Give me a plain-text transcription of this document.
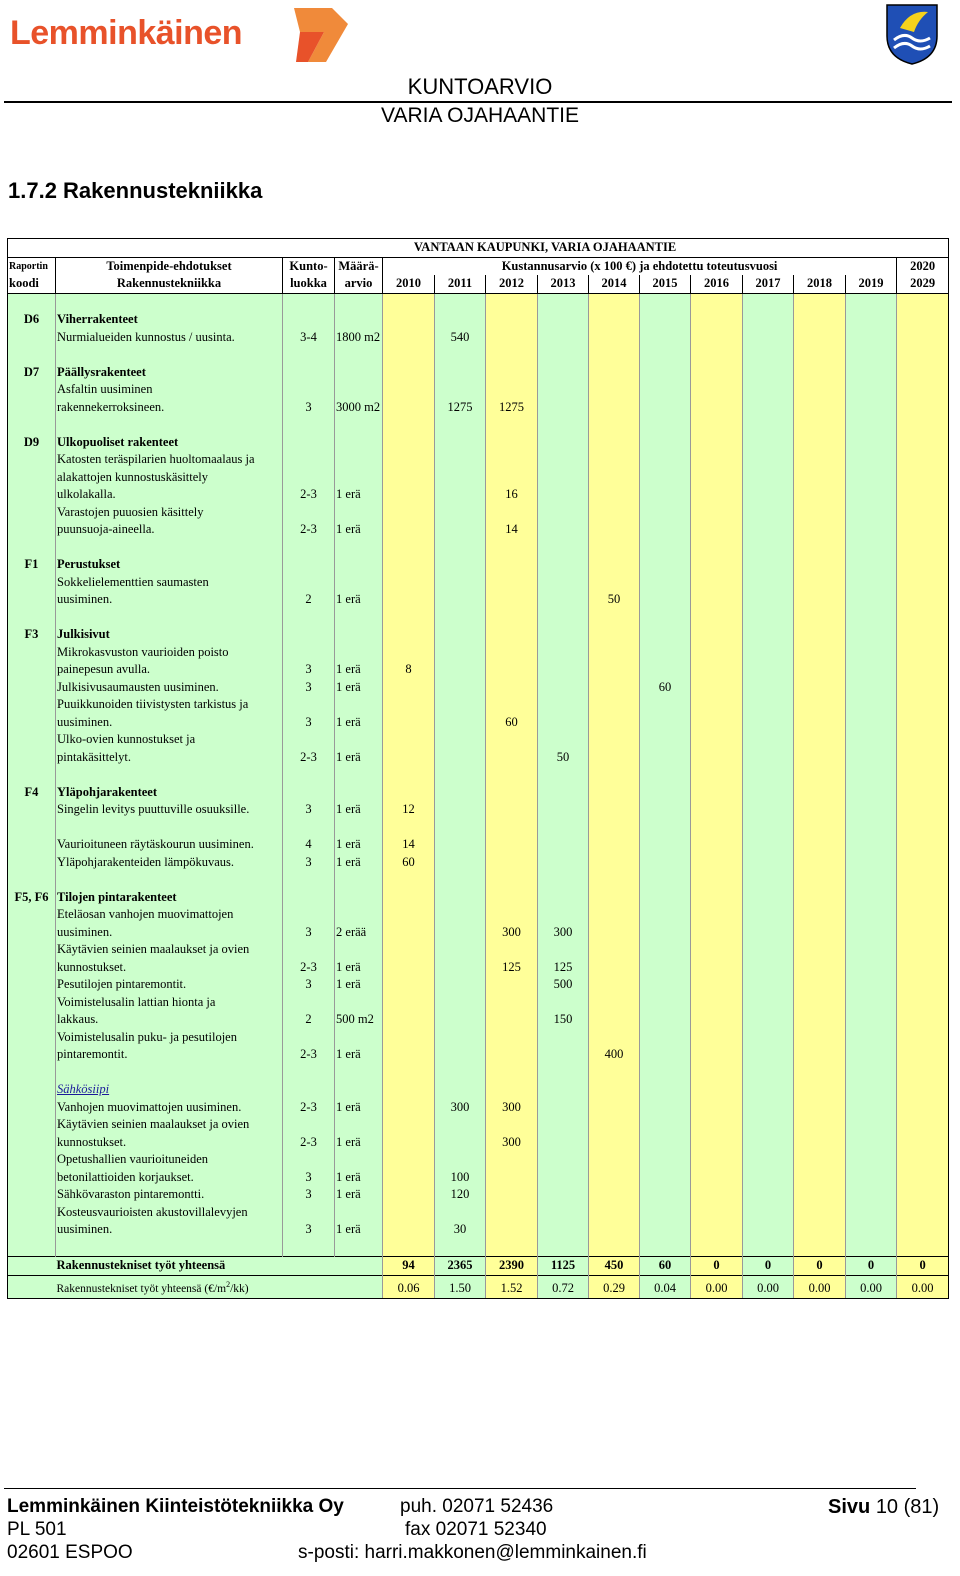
Lemminkäinen
KUNTOARVIO
VARIA OJAHAANTIE
1.7.2 Rakennustekniikka
			VANTAAN KAUPUNKI, VARIA OJAHAANTIE											
Raportin	Toimenpide-ehdotukset	Kunto-	Määrä-	Kustannusarvio (x 100 €) ja ehdotettu toteutusvuosi										2020
koodi	Rakennustekniikka	luokka	arvio	2010	2011	2012	2013	2014	2015	2016	2017	2018	2019	2029

D6	Viherrakenteet													
	Nurmialueiden kunnostus / uusinta.	3-4	1800 m2		540									

D7	Päällysrakenteet													
	Asfaltin uusiminen													
	rakennekerroksineen.	3	3000 m2		1275	1275								

D9	Ulkopuoliset rakenteet													
	Katosten teräspilarien huoltomaalaus ja													
	alakattojen kunnostuskäsittely													
	ulkolakalla.	2-3	1 erä			16								
	Varastojen puuosien käsittely													
	puunsuoja-aineella.	2-3	1 erä			14								

F1	Perustukset													
	Sokkelielementtien saumasten													
	uusiminen.	2	1 erä					50						

F3	Julkisivut													
	Mikrokasvuston vaurioiden poisto													
	painepesun avulla.	3	1 erä	8										
	Julkisivusaumausten uusiminen.	3	1 erä						60					
	Puuikkunoiden tiivistysten tarkistus ja													
	uusiminen.	3	1 erä			60								
	Ulko-ovien kunnostukset ja													
	pintakäsittelyt.	2-3	1 erä				50							

F4	Yläpohjarakenteet													
	Singelin levitys puuttuville osuuksille.	3	1 erä	12										

	Vaurioituneen räytäskourun uusiminen.	4	1 erä	14										
	Yläpohjarakenteiden lämpökuvaus.	3	1 erä	60										

F5, F6	Tilojen pintarakenteet													
	Eteläosan vanhojen muovimattojen													
	uusiminen.	3	2 erää			300	300							
	Käytävien seinien maalaukset ja ovien													
	kunnostukset.	2-3	1 erä			125	125							
	Pesutilojen pintaremontit.	3	1 erä				500							
	Voimistelusalin lattian hionta ja													
	lakkaus.	2	500 m2				150							
	Voimistelusalin puku- ja pesutilojen													
	pintaremontit.	2-3	1 erä					400						

	Sähkösiipi													
	Vanhojen muovimattojen uusiminen.	2-3	1 erä		300	300								
	Käytävien seinien maalaukset ja ovien													
	kunnostukset.	2-3	1 erä			300								
	Opetushallien vaurioituneiden													
	betonilattioiden korjaukset.	3	1 erä		100									
	Sähkövaraston pintaremontti.	3	1 erä		120									
	Kosteusvaurioisten akustovillalevyjen													
	uusiminen.	3	1 erä		30									

	Rakennustekniset työt yhteensä			94	2365	2390	1125	450	60	0	0	0	0	0
	Rakennustekniset työt yhteensä $(€/m^2/kk)$			0.06	1.50	1.52	0.72	0.29	0.04	0.00	0.00	0.00	0.00	0.00
Lemminkäinen Kiinteistötekniikka Oy
PL 501
02601 ESPOO
puh. 02071 52436
fax 02071 52340
s-posti: harri.makkonen@lemminkainen.fi
Sivu 10 (81)
